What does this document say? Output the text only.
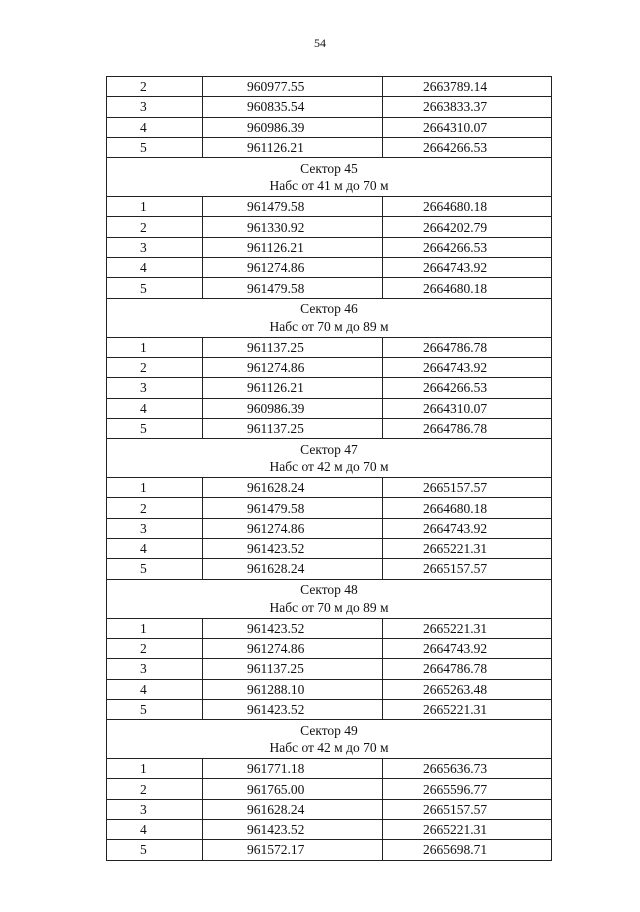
54
2	960977.55	2663789.14
3	960835.54	2663833.37
4	960986.39	2664310.07
5	961126.21	2664266.53

Сектор 45
Набс от 41 м до 70 м		

1	961479.58	2664680.18
2	961330.92	2664202.79
3	961126.21	2664266.53
4	961274.86	2664743.92
5	961479.58	2664680.18

Сектор 46
Набс от 70 м до 89 м		

1	961137.25	2664786.78
2	961274.86	2664743.92
3	961126.21	2664266.53
4	960986.39	2664310.07
5	961137.25	2664786.78

Сектор 47
Набс от 42 м до 70 м		

1	961628.24	2665157.57
2	961479.58	2664680.18
3	961274.86	2664743.92
4	961423.52	2665221.31
5	961628.24	2665157.57

Сектор 48
Набс от 70 м до 89 м		

1	961423.52	2665221.31
2	961274.86	2664743.92
3	961137.25	2664786.78
4	961288.10	2665263.48
5	961423.52	2665221.31

Сектор 49
Набс от 42 м до 70 м		

1	961771.18	2665636.73
2	961765.00	2665596.77
3	961628.24	2665157.57
4	961423.52	2665221.31
5	961572.17	2665698.71
